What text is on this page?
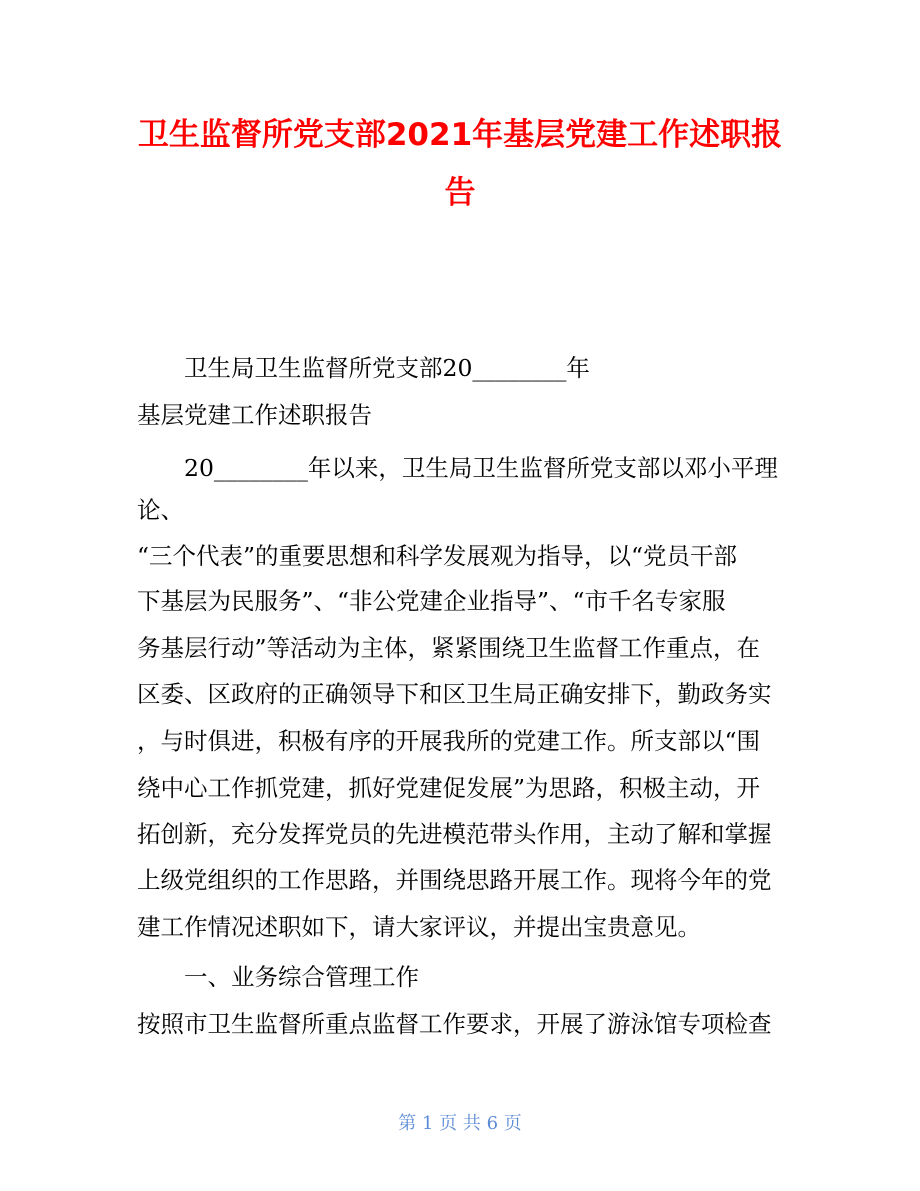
卫生监督所党支部2021年基层党建工作述职报
告

卫生局卫生监督所党支部20________年

基层党建工作述职报告

20________年以来，卫生局卫生监督所党支部以邓小平理

论、

“三个代表”的重要思想和科学发展观为指导，以“党员干部

下基层为民服务”、“非公党建企业指导”、“市千名专家服

务基层行动”等活动为主体，紧紧围绕卫生监督工作重点，在

区委、区政府的正确领导下和区卫生局正确安排下，勤政务实

，与时俱进，积极有序的开展我所的党建工作。所支部以“围

绕中心工作抓党建，抓好党建促发展”为思路，积极主动，开

拓创新，充分发挥党员的先进模范带头作用，主动了解和掌握

上级党组织的工作思路，并围绕思路开展工作。现将今年的党

建工作情况述职如下，请大家评议，并提出宝贵意见。

一、业务综合管理工作

按照市卫生监督所重点监督工作要求，开展了游泳馆专项检查

第 1 页 共 6 页
